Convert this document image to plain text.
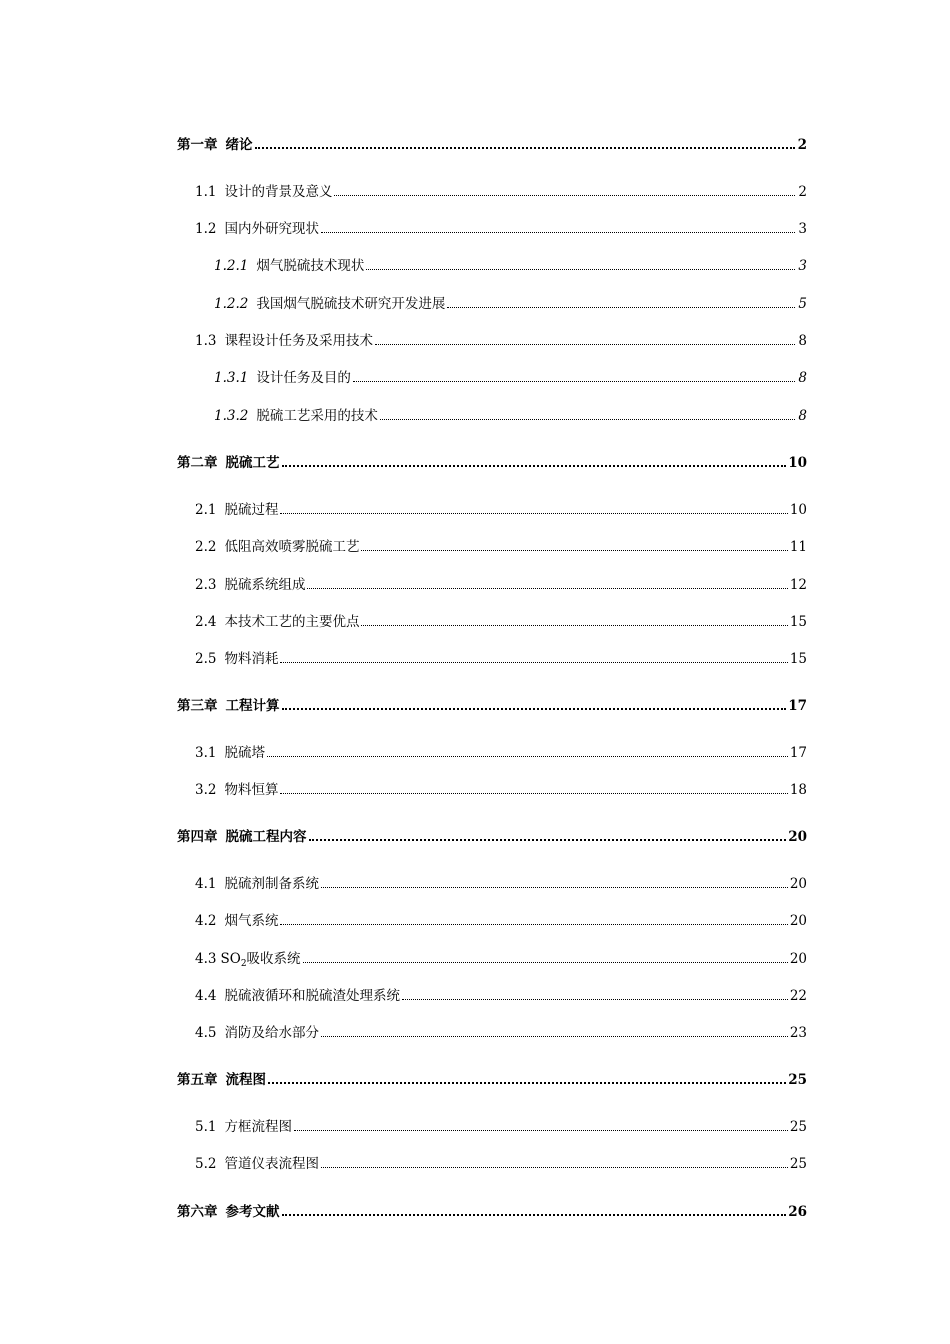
第一章 绪论	2
1.1 设计的背景及意义	2
1.2 国内外研究现状	3
1.2.1 烟气脱硫技术现状	3
1.2.2 我国烟气脱硫技术研究开发进展	5
1.3 课程设计任务及采用技术	8
1.3.1 设计任务及目的	8
1.3.2 脱硫工艺采用的技术	8
第二章 脱硫工艺	10
2.1 脱硫过程	10
2.2 低阻高效喷雾脱硫工艺	11
2.3 脱硫系统组成	12
2.4 本技术工艺的主要优点	15
2.5 物料消耗	15
第三章 工程计算	17
3.1 脱硫塔	17
3.2 物料恒算	18
第四章 脱硫工程内容	20
4.1 脱硫剂制备系统	20
4.2 烟气系统	20
4.3 $SO_2$吸收系统	20
4.4 脱硫液循环和脱硫渣处理系统	22
4.5 消防及给水部分	23
第五章 流程图	25
5.1 方框流程图	25
5.2 管道仪表流程图	25
第六章 参考文献	26
